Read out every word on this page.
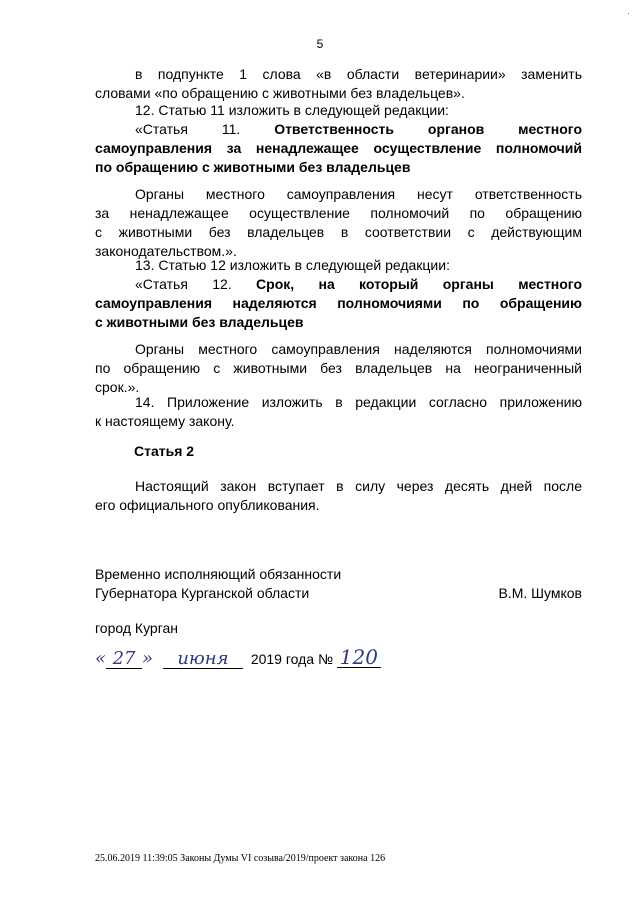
·
5
в подпункте 1 слова «в области ветеринарии» заменить
словами «по обращению с животными без владельцев».
12. Статью 11 изложить в следующей редакции:
«Статья 11. Ответственность органов местного
самоуправления за ненадлежащее осуществление полномочий
по обращению с животными без владельцев
Органы местного самоуправления несут ответственность
за ненадлежащее осуществление полномочий по обращению
с животными без владельцев в соответствии с действующим
законодательством.».
13. Статью 12 изложить в следующей редакции:
«Статья 12. Срок, на который органы местного
самоуправления наделяются полномочиями по обращению
с животными без владельцев
Органы местного самоуправления наделяются полномочиями
по обращению с животными без владельцев на неограниченный
срок.».
14. Приложение изложить в редакции согласно приложению
к настоящему закону.
Статья 2
Настоящий закон вступает в силу через десять дней после
его официального опубликования.
Временно исполняющий обязанности
Губернатора Курганской области	В.М. Шумков
город Курган
« 27 » июня 2019 года № 120
25.06.2019 11:39:05 Законы Думы VI созыва/2019/проект закона 126
